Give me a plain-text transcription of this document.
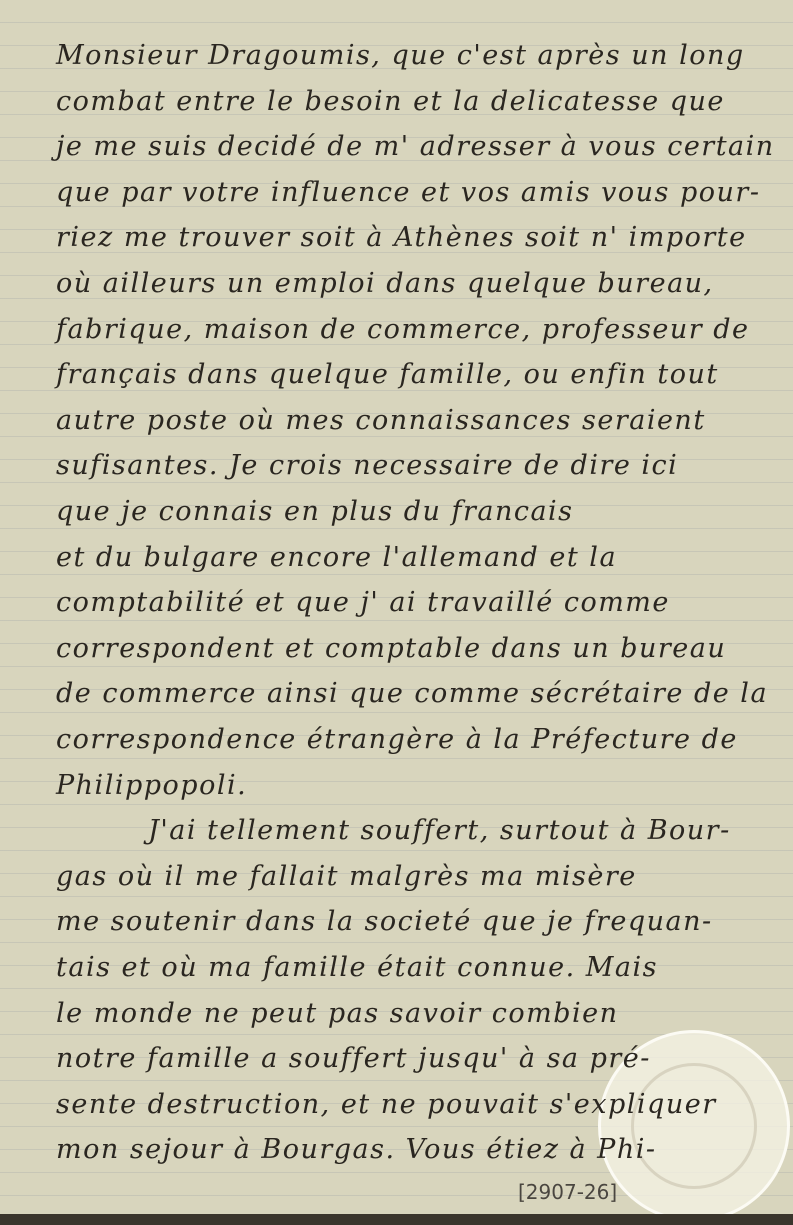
[2907-26]
Monsieur Dragoumis, que c'est après un long
combat entre le besoin et la delicatesse que
je me suis decidé de m' adresser à vous certain
que par votre influence et vos amis vous pour-
riez me trouver soit à Athènes soit n' importe
où ailleurs un emploi dans quelque bureau,
fabrique, maison de commerce, professeur de
français dans quelque famille, ou enfin tout
autre poste où mes connaissances seraient
sufisantes. Je crois necessaire de dire ici
que je connais en plus du francais
et du bulgare encore l'allemand et la
comptabilité et que j' ai travaillé comme
correspondent et comptable dans un bureau
de commerce ainsi que comme sécrétaire de la
correspondence étrangère à la Préfecture de
Philippopoli.
J'ai tellement souffert, surtout à Bour-
gas où il me fallait malgrès ma misère
me soutenir dans la societé que je frequan-
tais et où ma famille était connue. Mais
le monde ne peut pas savoir combien
notre famille a souffert jusqu' à sa pré-
sente destruction, et ne pouvait s'expliquer
mon sejour à Bourgas. Vous étiez à Phi-
